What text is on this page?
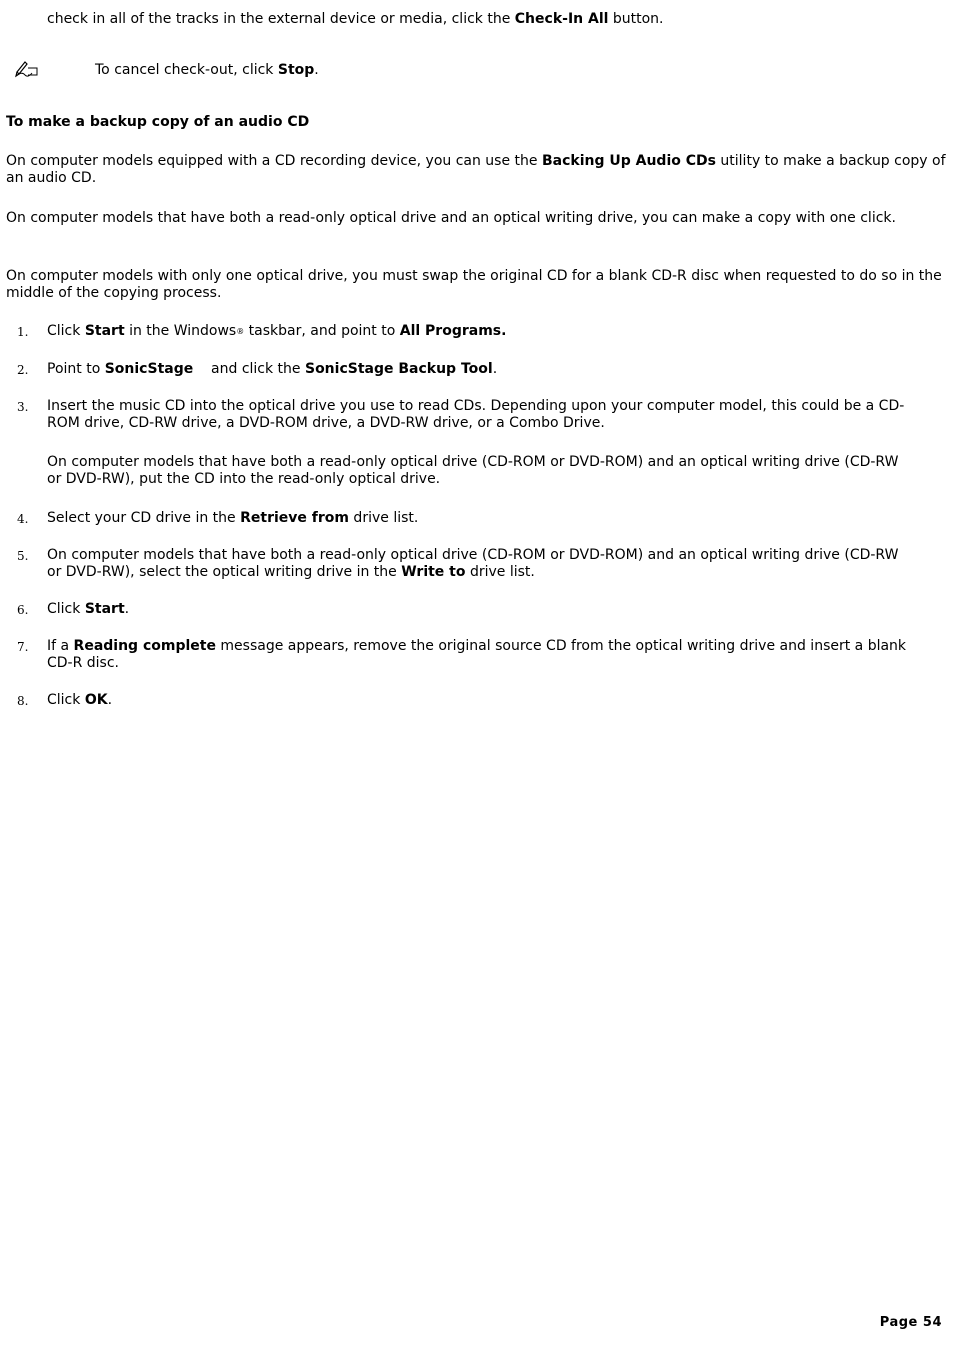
check in all of the tracks in the external device or media, click the Check-In All button.
To cancel check-out, click Stop.
To make a backup copy of an audio CD
On computer models equipped with a CD recording device, you can use the Backing Up Audio CDs utility to make a backup copy of an audio CD.
On computer models that have both a read-only optical drive and an optical writing drive, you can make a copy with one click.
On computer models with only one optical drive, you must swap the original CD for a blank CD-R disc when requested to do so in the middle of the copying process.
1.	Click Start in the Windows® taskbar, and point to All Programs.
2.	Point to SonicStage    and click the SonicStage Backup Tool.
3.	Insert the music CD into the optical drive you use to read CDs. Depending upon your computer model, this could be a CD-ROM drive, CD-RW drive, a DVD-ROM drive, a DVD-RW drive, or a Combo Drive.
On computer models that have both a read-only optical drive (CD-ROM or DVD-ROM) and an optical writing drive (CD-RW or DVD-RW), put the CD into the read-only optical drive.
4.	Select your CD drive in the Retrieve from drive list.
5.	On computer models that have both a read-only optical drive (CD-ROM or DVD-ROM) and an optical writing drive (CD-RW or DVD-RW), select the optical writing drive in the Write to drive list.
6.	Click Start.
7.	If a Reading complete message appears, remove the original source CD from the optical writing drive and insert a blank CD-R disc.
8.	Click OK.
Page 54
